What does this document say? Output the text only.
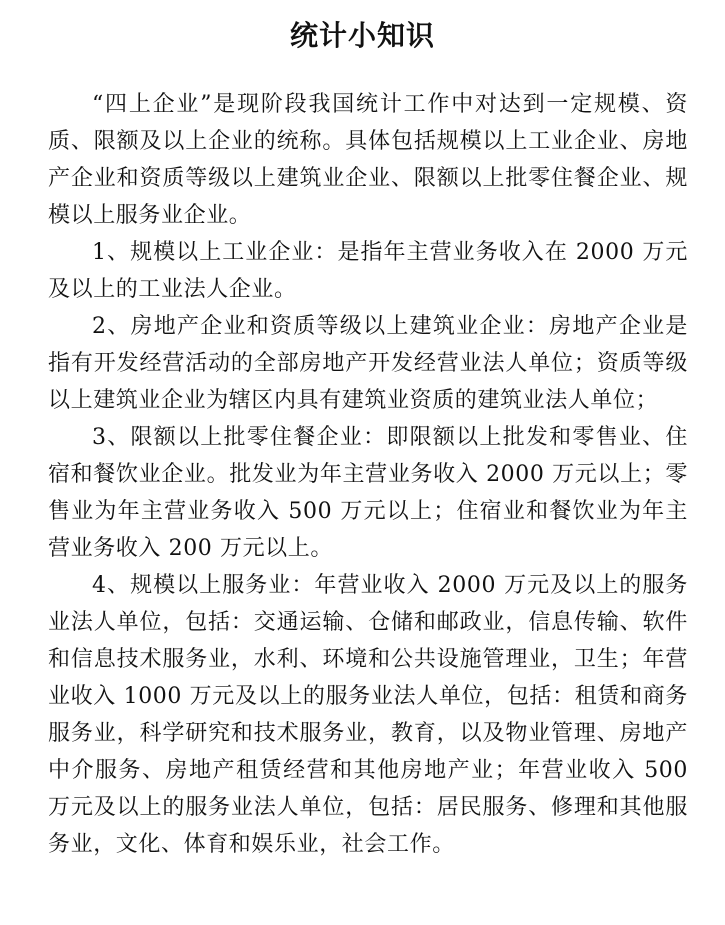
统计小知识

“四上企业”是现阶段我国统计工作中对达到一定规模、资质、限额及以上企业的统称。具体包括规模以上工业企业、房地产企业和资质等级以上建筑业企业、限额以上批零住餐企业、规模以上服务业企业。

1、规模以上工业企业：是指年主营业务收入在 2000 万元及以上的工业法人企业。

2、房地产企业和资质等级以上建筑业企业：房地产企业是指有开发经营活动的全部房地产开发经营业法人单位；资质等级以上建筑业企业为辖区内具有建筑业资质的建筑业法人单位；

3、限额以上批零住餐企业：即限额以上批发和零售业、住宿和餐饮业企业。批发业为年主营业务收入 2000 万元以上；零售业为年主营业务收入 500 万元以上；住宿业和餐饮业为年主营业务收入 200 万元以上。

4、规模以上服务业：年营业收入 2000 万元及以上的服务业法人单位，包括：交通运输、仓储和邮政业，信息传输、软件和信息技术服务业，水利、环境和公共设施管理业，卫生；年营业收入 1000 万元及以上的服务业法人单位，包括：租赁和商务服务业，科学研究和技术服务业，教育，以及物业管理、房地产中介服务、房地产租赁经营和其他房地产业；年营业收入 500 万元及以上的服务业法人单位，包括：居民服务、修理和其他服务业，文化、体育和娱乐业，社会工作。
